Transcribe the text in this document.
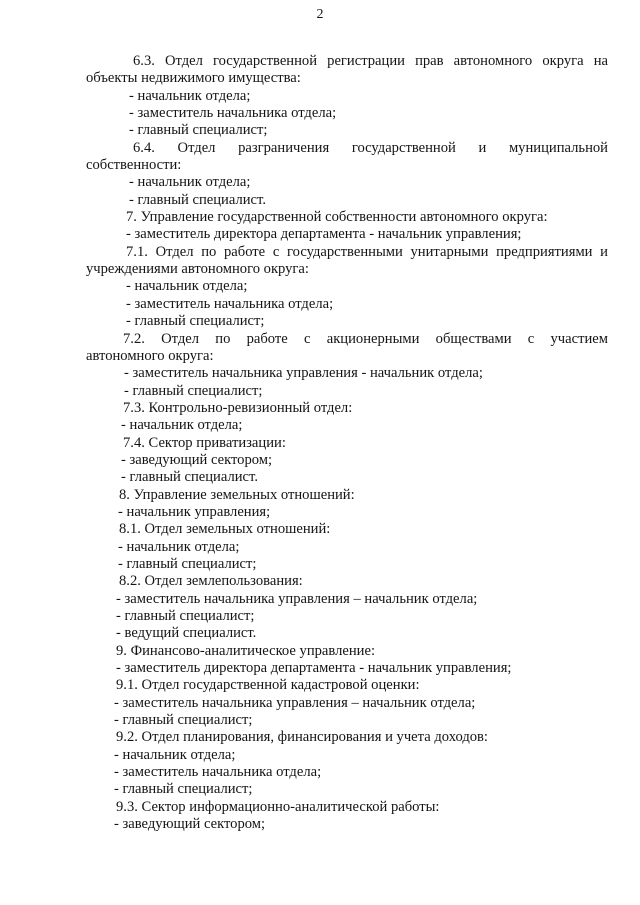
2

6.3. Отдел государственной регистрации прав автономного округа на

объекты недвижимого имущества:

- начальник отдела;

- заместитель начальника отдела;

- главный специалист;

6.4. Отдел разграничения государственной и муниципальной

собственности:

- начальник отдела;

- главный специалист.

7. Управление государственной собственности автономного округа:

- заместитель директора департамента - начальник управления;

7.1. Отдел по работе с государственными унитарными предприятиями и

учреждениями автономного округа:

- начальник отдела;

- заместитель начальника отдела;

- главный специалист;

7.2. Отдел по работе с акционерными обществами с участием

автономного округа:

- заместитель начальника управления - начальник отдела;

- главный специалист;

7.3. Контрольно-ревизионный отдел:

- начальник отдела;

7.4. Сектор приватизации:

- заведующий сектором;

- главный специалист.

8. Управление земельных отношений:

- начальник управления;

8.1. Отдел земельных отношений:

- начальник отдела;

- главный специалист;

8.2. Отдел землепользования:

- заместитель начальника управления – начальник отдела;

- главный специалист;

- ведущий специалист.

9. Финансово-аналитическое управление:

- заместитель директора департамента - начальник управления;

9.1. Отдел государственной кадастровой оценки:

- заместитель начальника управления – начальник отдела;

- главный специалист;

9.2. Отдел планирования, финансирования и учета доходов:

- начальник отдела;

- заместитель начальника отдела;

- главный специалист;

9.3. Сектор информационно-аналитической работы:

- заведующий сектором;
